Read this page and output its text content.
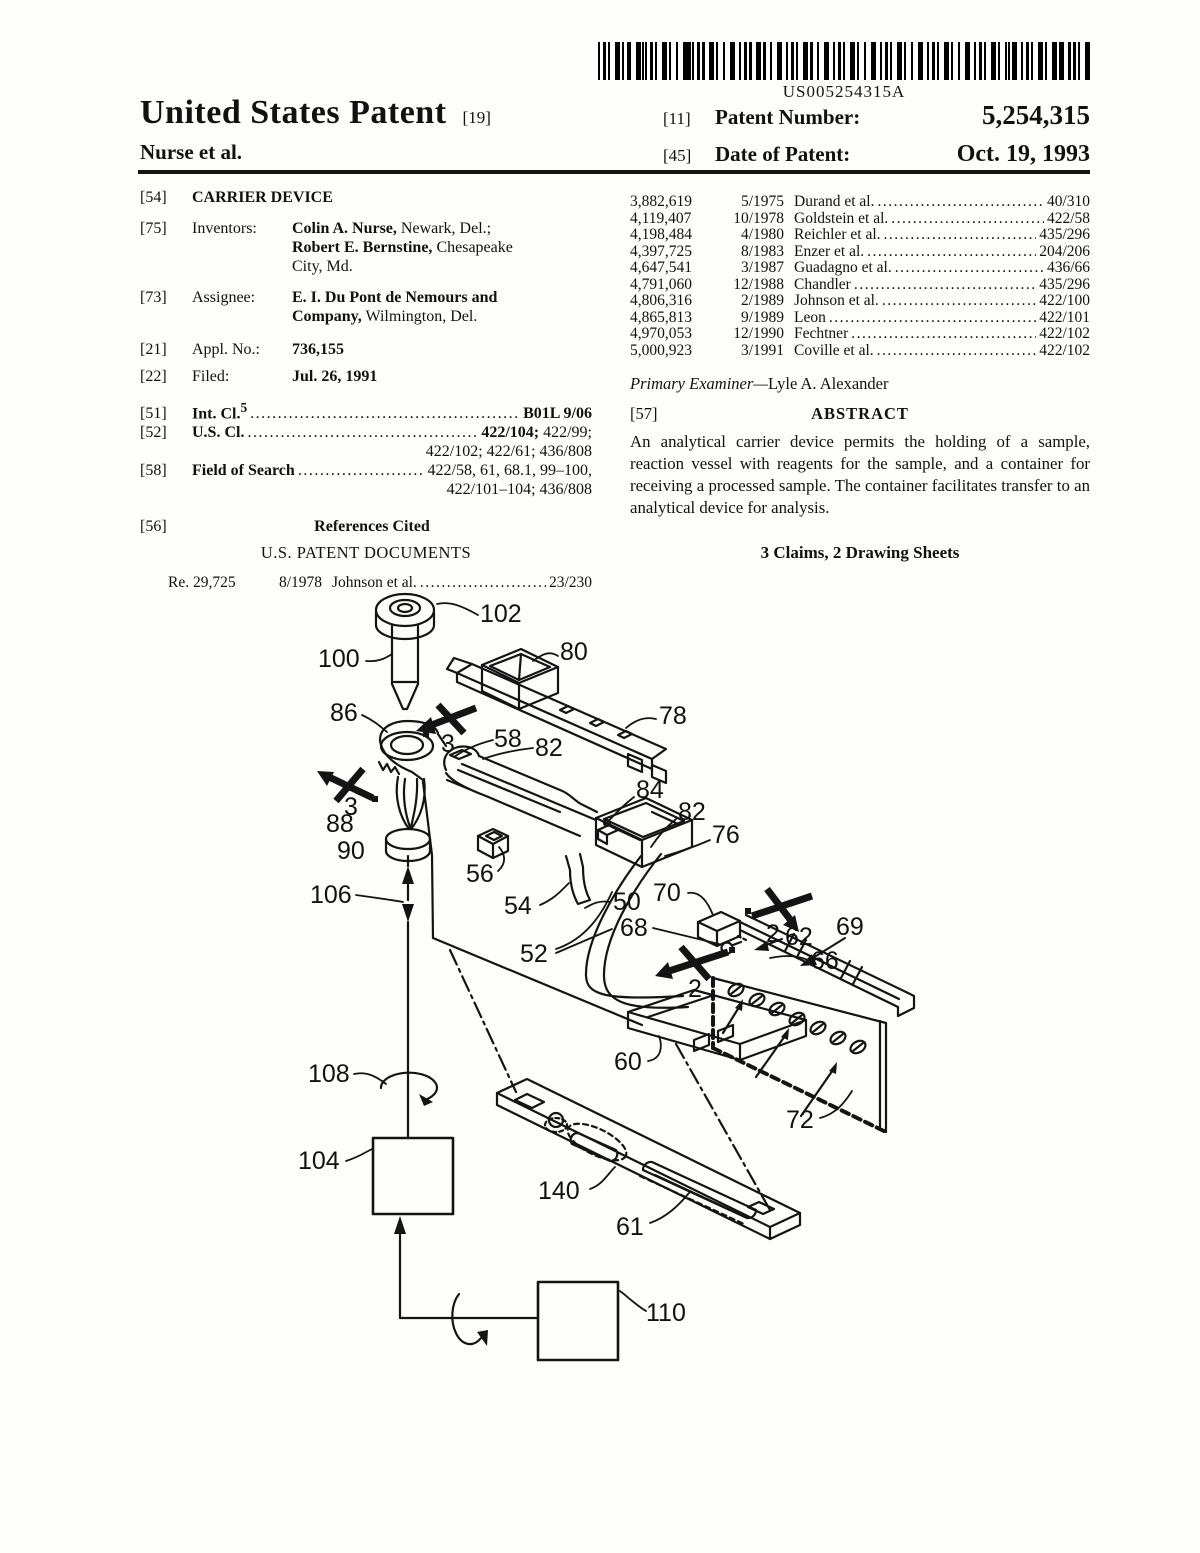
US005254315A
United States Patent [19]
Nurse et al.
[11]	Patent Number:	5,254,315
[45]	Date of Patent:	Oct. 19, 1993
[54]	CARRIER DEVICE
[75]	Inventors:	Colin A. Nurse, Newark, Del.;
Robert E. Bernstine, Chesapeake
City, Md.
[73]	Assignee:	E. I. Du Pont de Nemours and
Company, Wilmington, Del.
[21]	Appl. No.:	736,155
[22]	Filed:	Jul. 26, 1991
[51]	Int. Cl.$^5$ .....	B01L 9/06
[52]	U.S. Cl. .....	422/104;
422/99;
422/102; 422/61; 436/808
[58]	Field of Search .....	422/58, 61, 68.1, 99–100,
422/101–104; 436/808
[56]	References Cited
U.S. PATENT DOCUMENTS
Re. 29,725	8/1978 Johnson et al. .....	23/230
3,882,619	5/1975 Durand et al. .....	40/310
4,119,407	10/1978 Goldstein et al. .....	422/58
4,198,484	4/1980 Reichler et al. .....	435/296
4,397,725	8/1983 Enzer et al. .....	204/206
4,647,541	3/1987 Guadagno et al. .....	436/66
4,791,060	12/1988 Chandler .....	435/296
4,806,316	2/1989 Johnson et al. .....	422/100
4,865,813	9/1989 Leon .....	422/101
4,970,053	12/1990 Fechtner .....	422/102
5,000,923	3/1991 Coville et al. .....	422/102
Primary Examiner—Lyle A. Alexander
[57]	ABSTRACT
An analytical carrier device permits the holding of a sample, reaction vessel with reagents for the sample, and a container for receiving a processed sample. The container facilitates transfer to an analytical device for analysis.
3 Claims, 2 Drawing Sheets
102
100	80
78
86
3 58 82
3
88
90
84
82
76
56
54	50
106
52
70
68	2 62 69
66
2
60
72
108
104
140
61
110
